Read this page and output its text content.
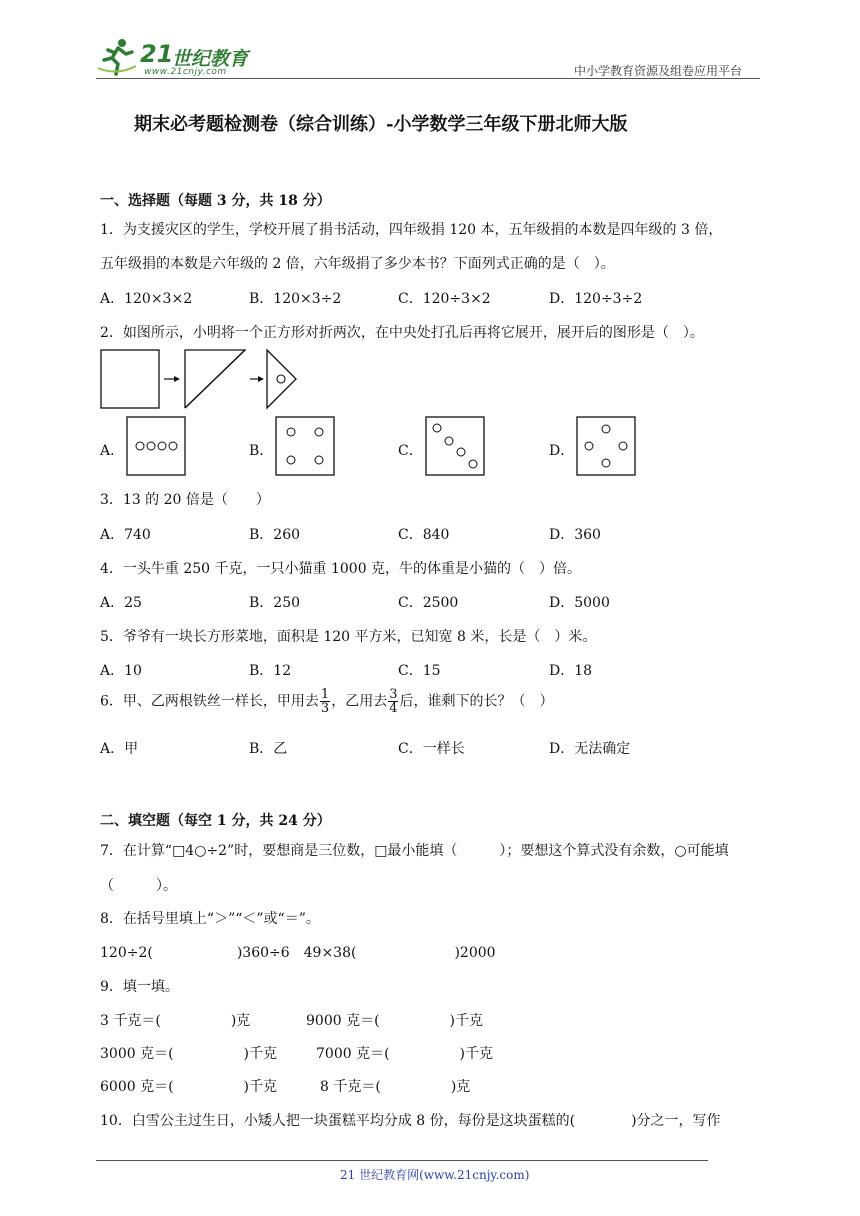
21
世纪教育
www.21cnjy.com	中小学教育资源及组卷应用平台
期末必考题检测卷（综合训练）-小学数学三年级下册北师大版
一、选择题（每题 3 分，共 18 分）
1．为支援灾区的学生，学校开展了捐书活动，四年级捐 120 本，五年级捐的本数是四年级的 3 倍，
五年级捐的本数是六年级的 2 倍，六年级捐了多少本书？下面列式正确的是（　）。
A．120×3×2	B．120×3÷2	C．120÷3×2	D．120÷3÷2
2．如图所示，小明将一个正方形对折两次，在中央处打孔后再将它展开，展开后的图形是（　）。
A．	B．	C．	D．
3．13 的 20 倍是（　　）
A．740	B．260	C．840	D．360
4．一头牛重 250 千克，一只小猫重 1000 克，牛的体重是小猫的（　）倍。
A．25	B．250	C．2500	D．5000
5．爷爷有一块长方形菜地，面积是 120 平方米，已知宽 8 米，长是（　）米。
A．10	B．12	C．15	D．18
6．甲、乙两根铁丝一样长，甲用去 $\frac{1}{3}$ ，乙用去 $\frac{3}{4}$ 后，谁剩下的长？（　）
A．甲	B．乙	C．一样长	D．无法确定
二、填空题（每空 1 分，共 24 分）
7．在计算“□4○÷2”时，要想商是三位数，□最小能填（　　　）；要想这个算式没有余数，○可能填
（　　　）。
8．在括号里填上“＞”“＜”或“＝”。
120÷2(　　　　　　)360÷6　49×38(　　　　　　　)2000
9．填一填。
3 千克＝(　　　　　)克	9000 克＝(　　　　　)千克
3000 克＝(　　　　　)千克	7000 克＝(　　　　　)千克
6000 克＝(　　　　　)千克	8 千克＝(　　　　　)克
10．白雪公主过生日，小矮人把一块蛋糕平均分成 8 份，每份是这块蛋糕的(　　　　)分之一，写作
21 世纪教育网(www.21cnjy.com)
